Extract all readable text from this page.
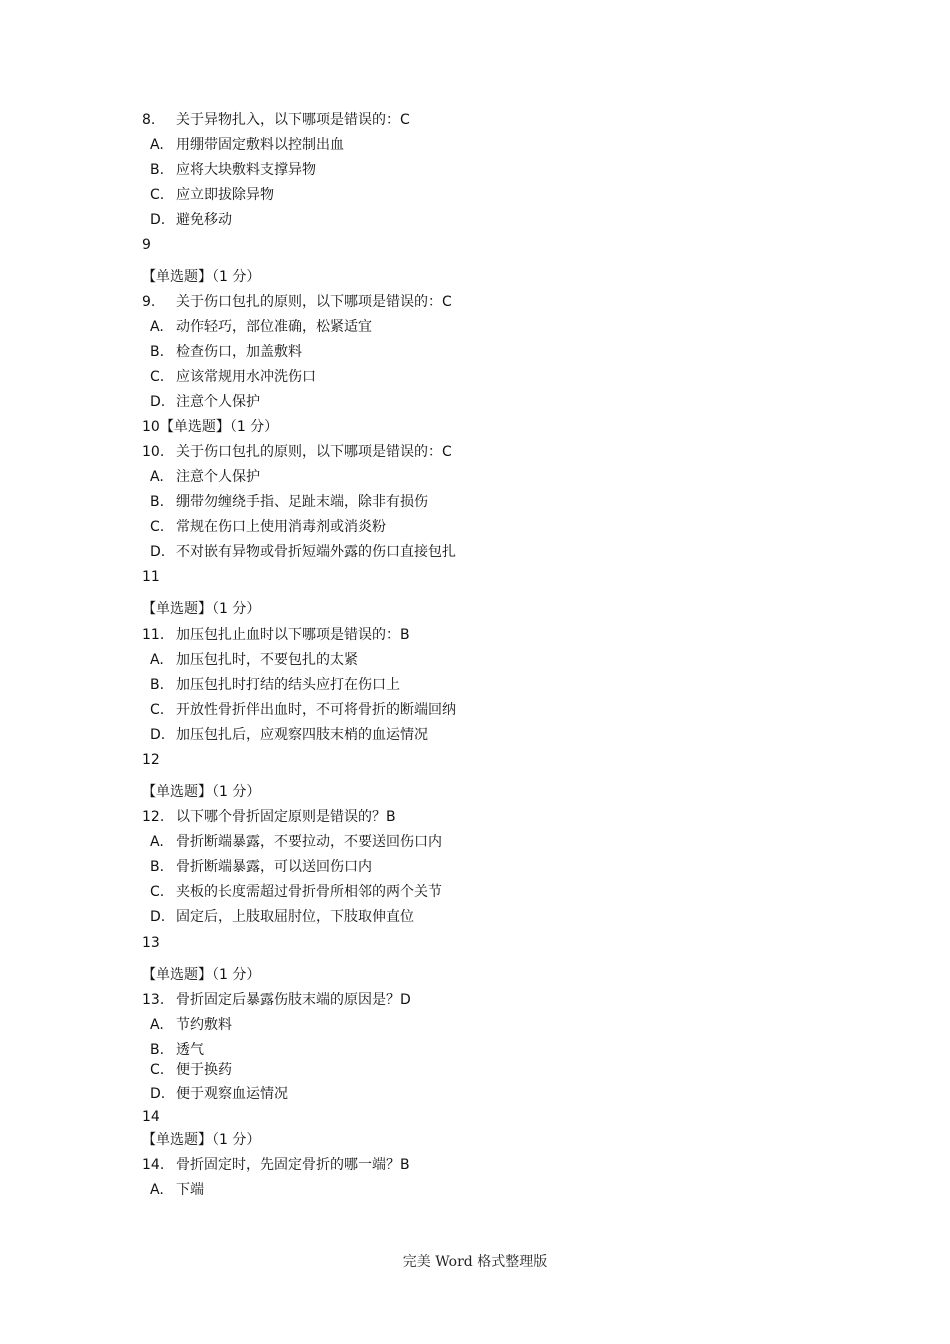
8. 关于异物扎入，以下哪项是错误的：C
A. 用绷带固定敷料以控制出血
B. 应将大块敷料支撑异物
C. 应立即拔除异物
D. 避免移动
9
【单选题】（1 分）
9. 关于伤口包扎的原则，以下哪项是错误的：C
A. 动作轻巧，部位准确，松紧适宜
B. 检查伤口，加盖敷料
C. 应该常规用水冲洗伤口
D. 注意个人保护
10【单选题】（1 分）
10. 关于伤口包扎的原则，以下哪项是错误的：C
A. 注意个人保护
B. 绷带勿缠绕手指、足趾末端，除非有损伤
C. 常规在伤口上使用消毒剂或消炎粉
D. 不对嵌有异物或骨折短端外露的伤口直接包扎
11
【单选题】（1 分）
11. 加压包扎止血时以下哪项是错误的：B
A. 加压包扎时，不要包扎的太紧
B. 加压包扎时打结的结头应打在伤口上
C. 开放性骨折伴出血时，不可将骨折的断端回纳
D. 加压包扎后，应观察四肢末梢的血运情况
12
【单选题】（1 分）
12. 以下哪个骨折固定原则是错误的？B
A. 骨折断端暴露，不要拉动，不要送回伤口内
B. 骨折断端暴露，可以送回伤口内
C. 夹板的长度需超过骨折骨所相邻的两个关节
D. 固定后，上肢取屈肘位，下肢取伸直位
13
【单选题】（1 分）
13. 骨折固定后暴露伤肢末端的原因是？D
A. 节约敷料
B. 透气
C. 便于换药
D. 便于观察血运情况
14
【单选题】（1 分）
14. 骨折固定时，先固定骨折的哪一端？B
A. 下端
完美 Word 格式整理版
